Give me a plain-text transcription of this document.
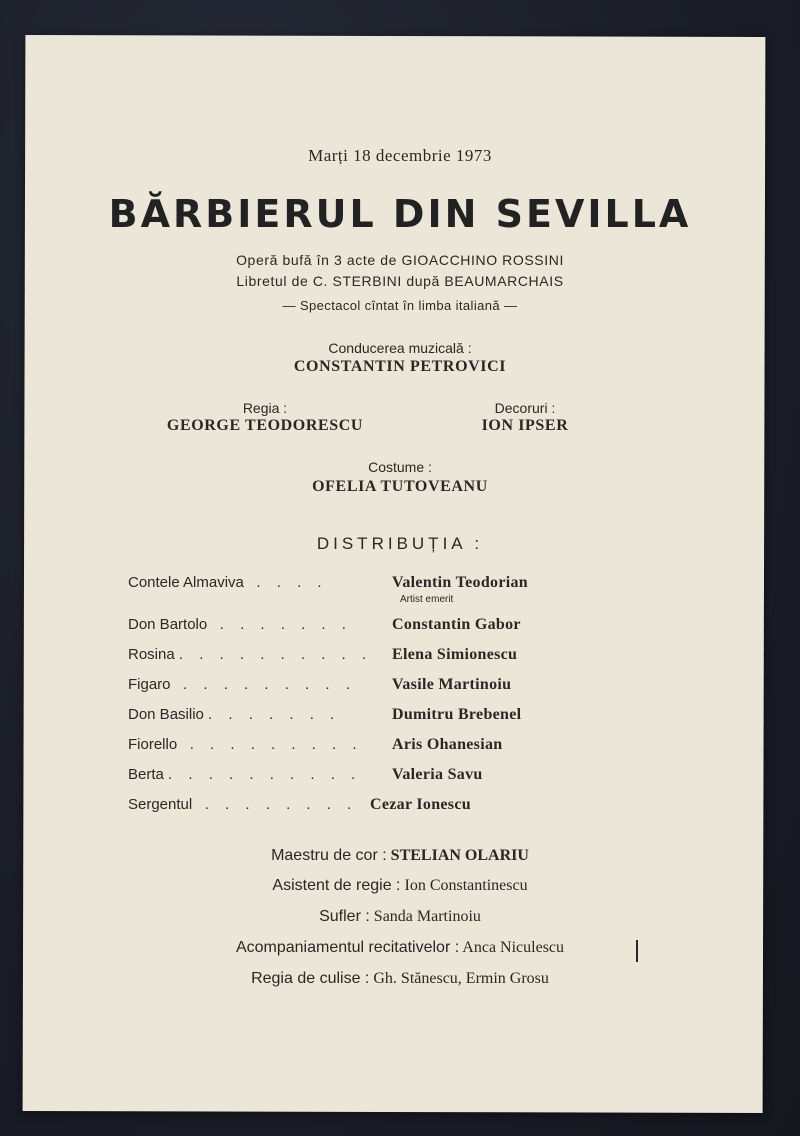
Marți 18 decembrie 1973
BĂRBIERUL DIN SEVILLA
Operă bufă în 3 acte de GIOACCHINO ROSSINI
Libretul de C. STERBINI după BEAUMARCHAIS
— Spectacol cîntat în limba italiană —
Conducerea muzicală :
CONSTANTIN PETROVICI
Regia :
GEORGE TEODORESCU
Decoruri :
ION IPSER
Costume :
OFELIA TUTOVEANU
DISTRIBUȚIA :
Contele Almaviva . . . .	Valentin Teodorian
Artist emerit
Don Bartolo . . . . . . .	Constantin Gabor
Rosina . . . . . . . . . .	Elena Simionescu
Figaro . . . . . . . . .	Vasile Martinoiu
Don Basilio . . . . . . .	Dumitru Brebenel
Fiorello . . . . . . . . .	Aris Ohanesian
Berta . . . . . . . . . .	Valeria Savu
Sergentul . . . . . . . . Cezar Ionescu
Maestru de cor : STELIAN OLARIU
Asistent de regie : Ion Constantinescu
Sufler : Sanda Martinoiu
Acompaniamentul recitativelor : Anca Niculescu
Regia de culise : Gh. Stănescu, Ermin Grosu
